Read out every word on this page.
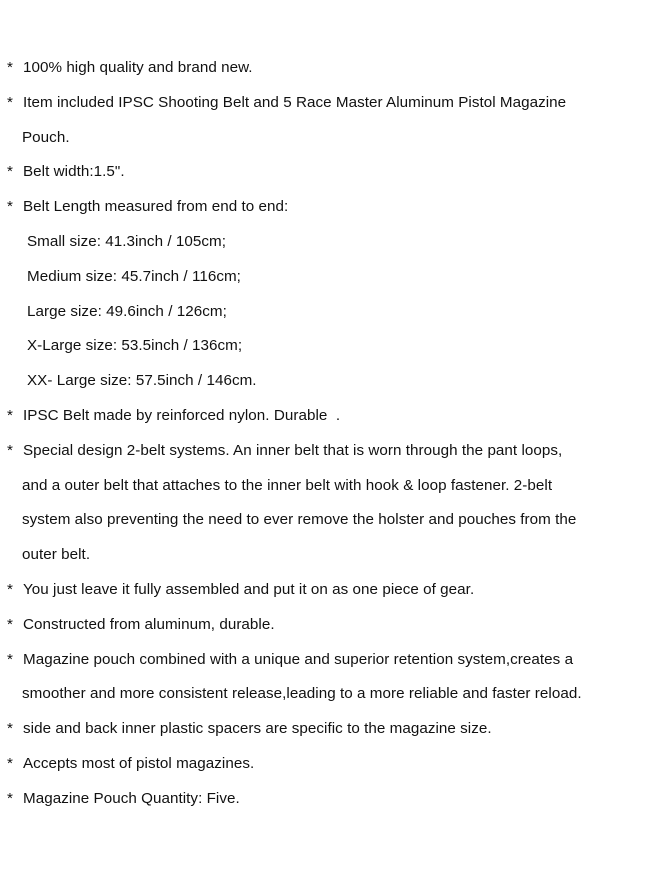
* 100% high quality and brand new.
* Item included IPSC Shooting Belt and 5 Race Master Aluminum Pistol Magazine
Pouch.
* Belt width:1.5".
* Belt Length measured from end to end:
Small size: 41.3inch / 105cm;
Medium size: 45.7inch / 116cm;
Large size: 49.6inch / 126cm;
X-Large size: 53.5inch / 136cm;
XX- Large size: 57.5inch / 146cm.
* IPSC Belt made by reinforced nylon. Durable  .
* Special design 2-belt systems. An inner belt that is worn through the pant loops,
and a outer belt that attaches to the inner belt with hook & loop fastener. 2-belt
system also preventing the need to ever remove the holster and pouches from the
outer belt.
* You just leave it fully assembled and put it on as one piece of gear.
* Constructed from aluminum, durable.
* Magazine pouch combined with a unique and superior retention system,creates a
smoother and more consistent release,leading to a more reliable and faster reload.
* side and back inner plastic spacers are specific to the magazine size.
* Accepts most of pistol magazines.
* Magazine Pouch Quantity: Five.
